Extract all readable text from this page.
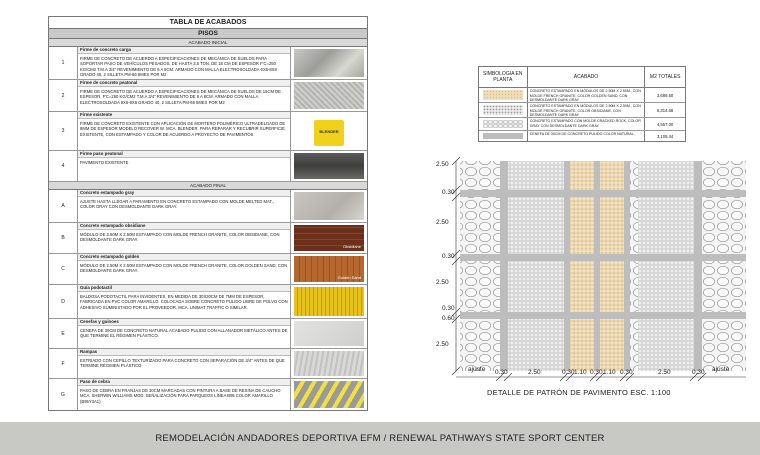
TABLA DE ACABADOS
PISOS
ACABADO INICIAL
1
Firme de concreto carga
FIRME DE CONCRETO DE ACUERDO A ESPECIFICACIONES DE MECÁNICA DE SUELOS PARA SOPORTAR PASO DE VEHÍCULOS PESADOS. DE HASTA 3.5 TON. DE 18 CM DE ESPESOR F'C=250 KG/CM2 T.M.A 3/4" REVENIMIENTO DE 6 A 8CM. ARMADO CON MALLA ELECTROSOLDADA 6X6-8X8 GRADO 40, 2 SILLETA PM-66 5MEX POR M2
2
Firme de concreto peatonal
FIRME DE CONCRETO DE ACUERDO A ESPECIFICACIONES DE MECÁNICA DE SUELOS DE 15CM DE ESPESOR. F'C=250 KG/CM2 T.M.A 3/4" REVENIMIENTO DE 6 A 8CM. ARMADO CON MALLA ELECTROSOLDADA 6X6-8X8 GRADO 40, 2 SILLETA PM-66 5MEX POR M2
3
Firme existente
FIRME DE CONCRETO EXISTENTE CON APLICACIÓN DE MORTERO POLIMÉRICO ULTRADELGADO DE 8MM DE ESPESOR MODELO RECOVER W. MCA. BLENDER. PARA REPARAR Y RECUBRIR SUPERFICIE EXISTENTE, CON ESTAMPADO Y COLOR DE ACUERDO A PROYECTO DE PAVIMENTOS
BLENDER
4
Firme paso peatonal
PAVIMENTO EXISTENTE
ACABADO FINAL
A
Concreto estampado gray
AJUSTE HASTA LLEGAR A PARAMENTO EN CONCRETO ESTAMPADO CON MOLDE MELTED MAT., COLOR GRAY CON DESMOLDANTE DARK GRAY.
B
Concreto estampado obsidiane
MÓDULO DE 2.50M X 2.50M ESTAMPADO CON MOLDE FRENCH GRANITE, COLOR OBSIDIANE, CON DESMOLDANTE DARK GRAY.
Obsidiane
C
Concreto estampado golden
MÓDULO DE 2.50M X 2.50M ESTAMPADO CON MOLDE FRENCH GRANITE, COLOR GOLDEN SAND, CON DESMOLDANTE DARK GRAY.
Golden Sand
D
Guía podotactil
BALDOSA PODOTACTIL PARA INVIDENTES, EN MEDIDA DE 30X30CM DE 7MM DE ESPESOR, FABRICADA EN PVC COLOR AMARILLO. COLOCADA SOBRE CONCRETO PULIDO LIBRE DE POLVO CON ADHESIVO SUMINISTADO POR EL PROVEEDOR. MCA. UNIMAT TRAFFIC O SIMILAR.
E
Cenefas y guinoes
CENEFA DE 30CM DE CONCRETO NATURAL ACABADO PULIDO CON ALLANADOR METÁLICO ANTES DE QUE TERMINE EL RÉGIMEN PLÁSTICO.
F
Rampas
ESTRIADO CON CEPILLO TEXTURIZADO PARA CONCRETO CON SEPARACIÓN DE 3/4" ANTES DE QUE TERMINE RÉGIMEN PLÁSTICO.
G
Paso de cebra
PASO DE CEBRA EN FRANJAS DE 30CM MARCADAS CON PINTURA A BASE DE RESINA DE CAUCHO MCA. SHERWIN WILLIAMS MOD. SEÑALIZACIÓN PARA PARQUEOS LÍNEA B95 COLOR AMARILLO (B95Y3A1)
SIMBOLOGIA EN PLANTA	ACABADO	M2 TOTALES
CONCRETO ESTAMPADO EN MÓDULOS DE 2.50M X 2.50M., CON MOLDE FRENCH GRANITE, COLOR GOLDEN SAND, CON DESMOLDANTE DARK GRAY.
3,689.50
CONCRETO ESTAMPADO EN MÓDULOS DE 2.50M X 2.50M., CON MOLDE FRENCH GRANITE, COLOR OBSIDIANE, CON DESMOLDANTE DARK GRAY.
6,314.68
CONCRETO ESTAMPADO CON MOLDE CRACKED ROCK, COLOR GRAY CON DESMOLDANTE DARK GRAY.	4,557.00
CENEFA DE 30CM DE CONCRETO PULIDO COLOR NATURAL.	3,105.44
2.50
0.30
2.50
0.30
2.50
0.30
0.60
2.50
ajuste 0.30	2.50	0.30 1.10 0.30 1.10 0.30	2.50	0.30 ajuste
DETALLE DE PATRÓN DE PAVIMENTO ESC. 1:100
REMODELACIÓN ANDADORES DEPORTIVA EFM / RENEWAL PATHWAYS STATE SPORT CENTER
